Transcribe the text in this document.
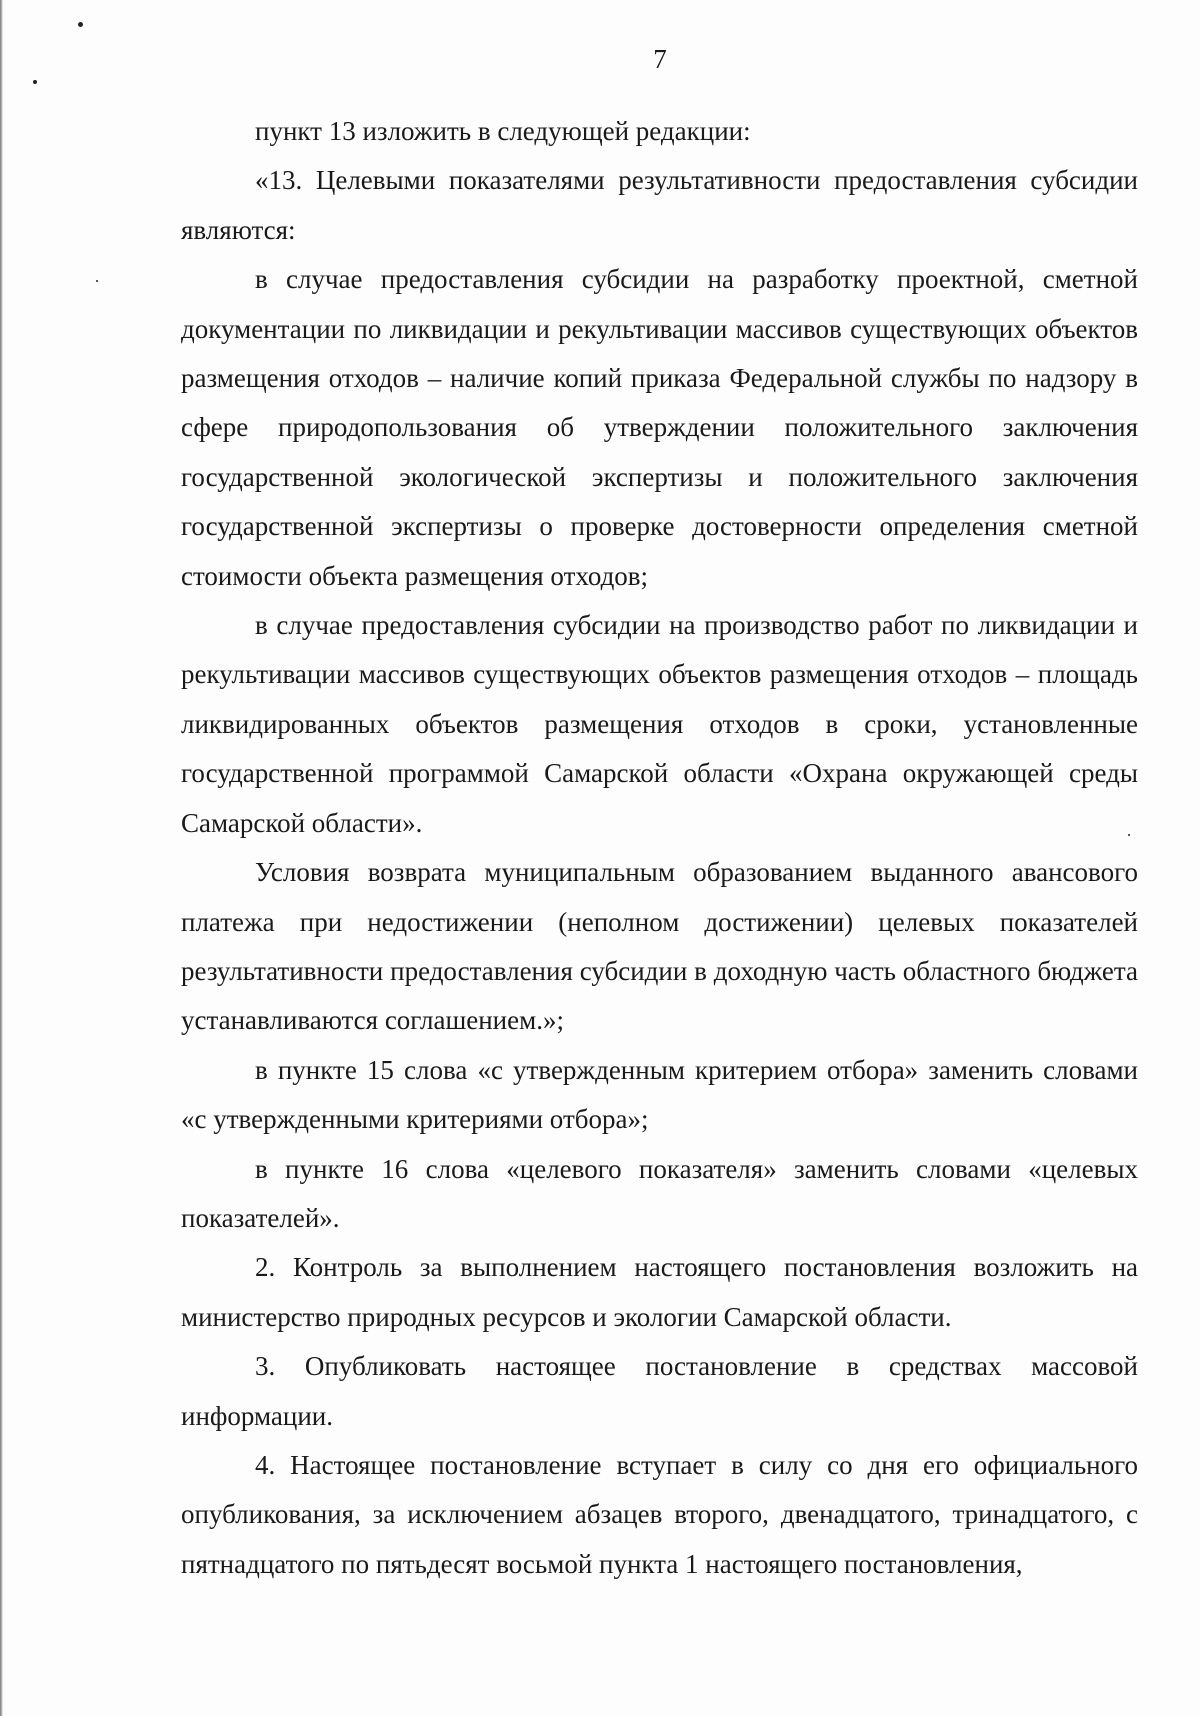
7

пункт 13 изложить в следующей редакции:

«13. Целевыми показателями результативности предоставления субсидии являются:

в случае предоставления субсидии на разработку проектной, сметной документации по ликвидации и рекультивации массивов существующих объектов размещения отходов – наличие копий приказа Федеральной службы по надзору в сфере природопользования об утверждении положительного заключения государственной экологической экспертизы и положительного заключения государственной экспертизы о проверке достоверности определения сметной стоимости объекта размещения отходов;

в случае предоставления субсидии на производство работ по ликвидации и рекультивации массивов существующих объектов размещения отходов – площадь ликвидированных объектов размещения отходов в сроки, установленные государственной программой Самарской области «Охрана окружающей среды Самарской области».

Условия возврата муниципальным образованием выданного авансового платежа при недостижении (неполном достижении) целевых показателей результативности предоставления субсидии в доходную часть областного бюджета устанавливаются соглашением.»;

в пункте 15 слова «с утвержденным критерием отбора» заменить словами «с утвержденными критериями отбора»;

в пункте 16 слова «целевого показателя» заменить словами «целевых показателей».

2. Контроль за выполнением настоящего постановления возложить на министерство природных ресурсов и экологии Самарской области.

3. Опубликовать настоящее постановление в средствах массовой информации.

4. Настоящее постановление вступает в силу со дня его официального опубликования, за исключением абзацев второго, двенадцатого, тринадцатого, с пятнадцатого по пятьдесят восьмой пункта 1 настоящего постановления,
